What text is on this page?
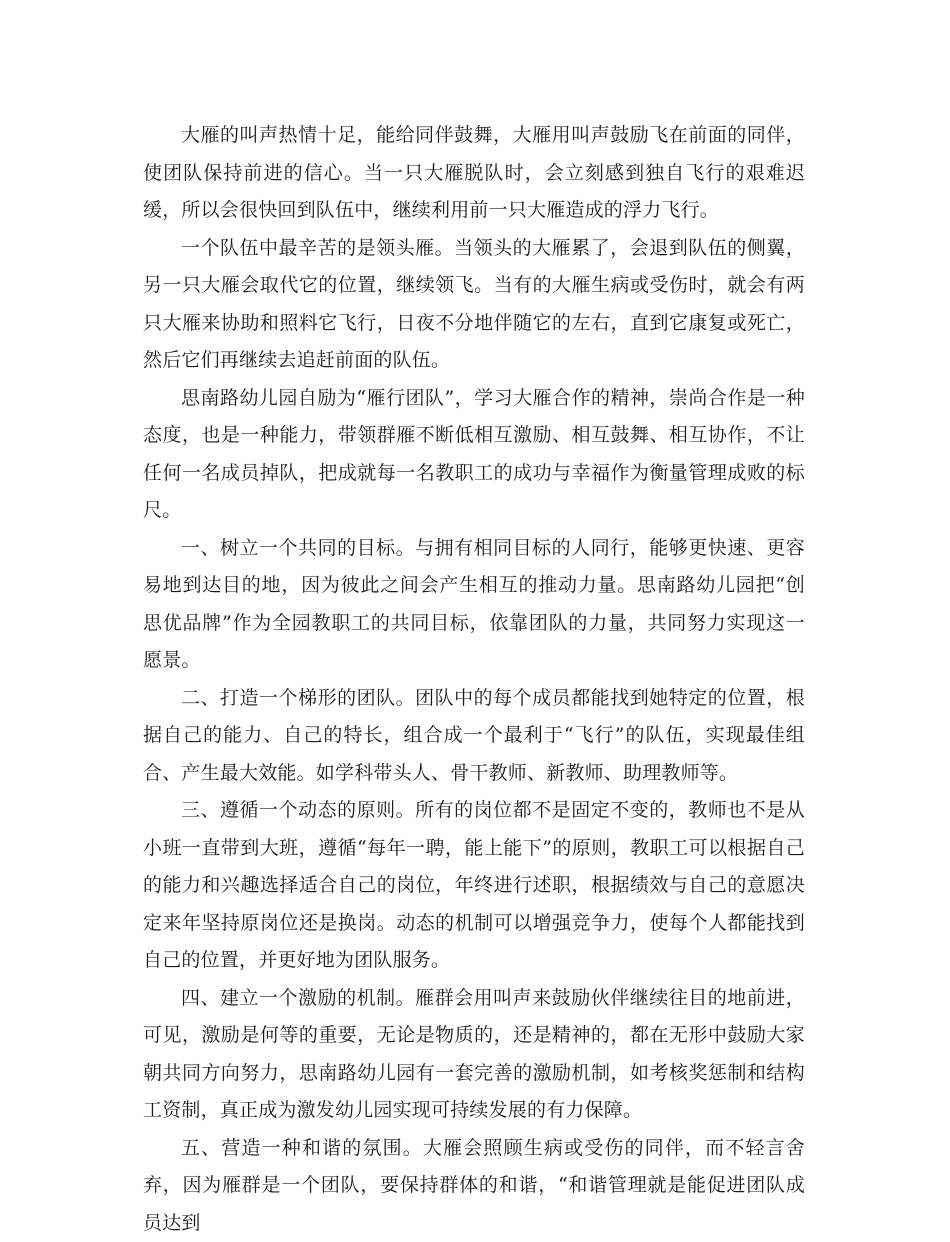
大雁的叫声热情十足，能给同伴鼓舞，大雁用叫声鼓励飞在前面的同伴，使团队保持前进的信心。当一只大雁脱队时，会立刻感到独自飞行的艰难迟缓，所以会很快回到队伍中，继续利用前一只大雁造成的浮力飞行。

一个队伍中最辛苦的是领头雁。当领头的大雁累了，会退到队伍的侧翼，另一只大雁会取代它的位置，继续领飞。当有的大雁生病或受伤时，就会有两只大雁来协助和照料它飞行，日夜不分地伴随它的左右，直到它康复或死亡，然后它们再继续去追赶前面的队伍。

思南路幼儿园自励为“雁行团队”，学习大雁合作的精神，崇尚合作是一种态度，也是一种能力，带领群雁不断低相互激励、相互鼓舞、相互协作，不让任何一名成员掉队，把成就每一名教职工的成功与幸福作为衡量管理成败的标尺。

一、树立一个共同的目标。与拥有相同目标的人同行，能够更快速、更容易地到达目的地，因为彼此之间会产生相互的推动力量。思南路幼儿园把“创思优品牌”作为全园教职工的共同目标，依靠团队的力量，共同努力实现这一愿景。

二、打造一个梯形的团队。团队中的每个成员都能找到她特定的位置，根据自己的能力、自己的特长，组合成一个最利于“飞行”的队伍，实现最佳组合、产生最大效能。如学科带头人、骨干教师、新教师、助理教师等。

三、遵循一个动态的原则。所有的岗位都不是固定不变的，教师也不是从小班一直带到大班，遵循“每年一聘，能上能下”的原则，教职工可以根据自己的能力和兴趣选择适合自己的岗位，年终进行述职，根据绩效与自己的意愿决定来年坚持原岗位还是换岗。动态的机制可以增强竞争力，使每个人都能找到自己的位置，并更好地为团队服务。

四、建立一个激励的机制。雁群会用叫声来鼓励伙伴继续往目的地前进，可见，激励是何等的重要，无论是物质的，还是精神的，都在无形中鼓励大家朝共同方向努力，思南路幼儿园有一套完善的激励机制，如考核奖惩制和结构工资制，真正成为激发幼儿园实现可持续发展的有力保障。

五、营造一种和谐的氛围。大雁会照顾生病或受伤的同伴，而不轻言舍弃，因为雁群是一个团队，要保持群体的和谐，“和谐管理就是能促进团队成员达到
